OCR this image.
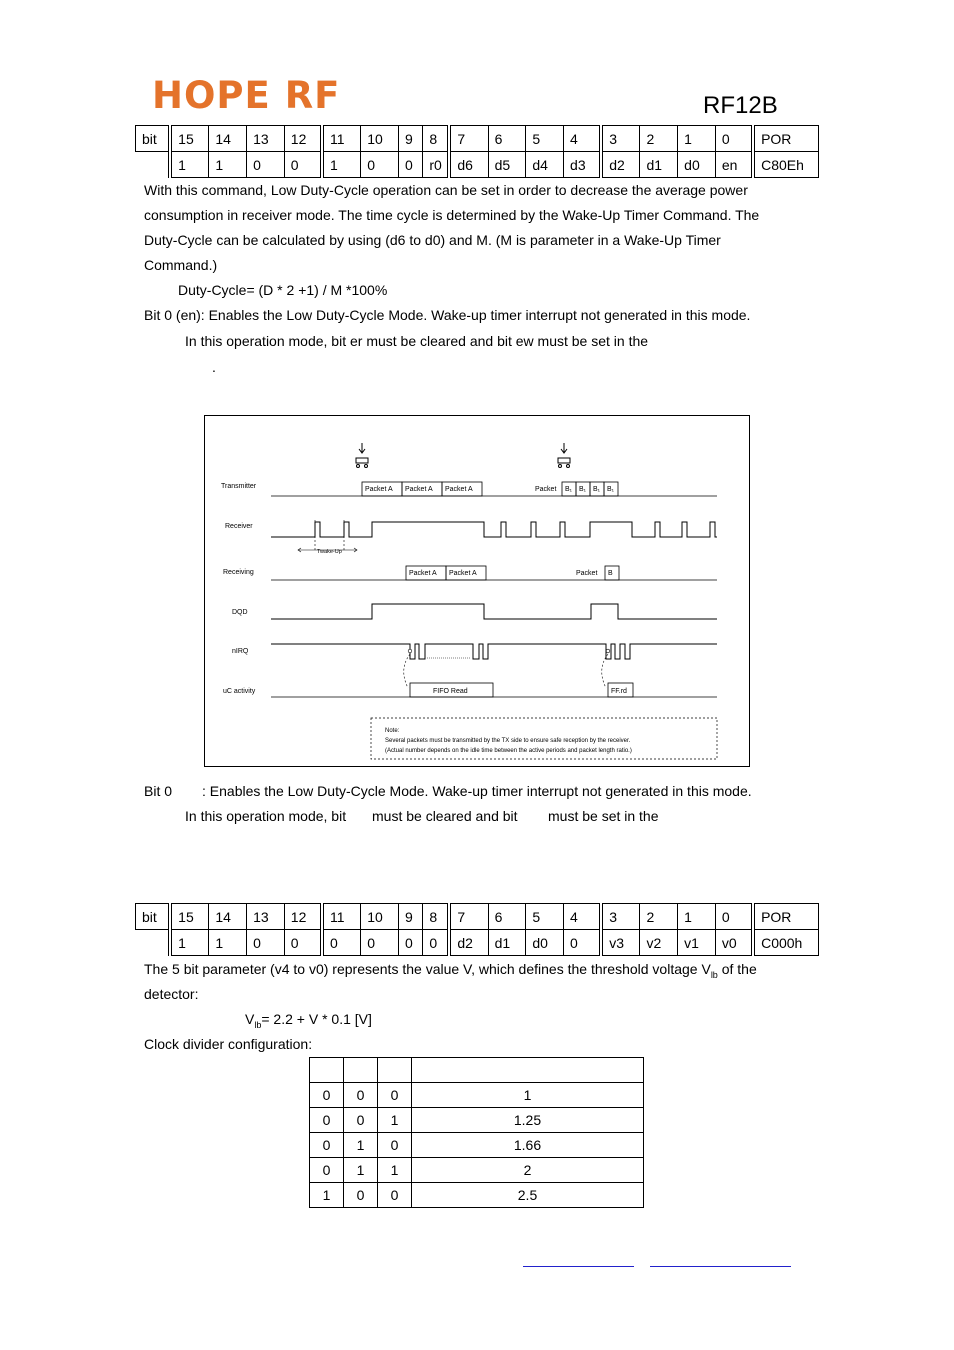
HOPE RF	RF12B
bit	15	14	13	12	11	10	9	8	7	6	5	4	3	2	1	0	POR
	1	1	0	0	1	0	0	r0	d6	d5	d4	d3	d2	d1	d0	en	C80Eh
With this command, Low Duty-Cycle operation can be set in order to decrease the average power
consumption in receiver mode. The time cycle is determined by the Wake-Up Timer Command. The
Duty-Cycle can be calculated by using (d6 to d0) and M. (M is parameter in a Wake-Up Timer
Command.)
Duty-Cycle= (D * 2 +1) / M *100%
Bit 0 (en): Enables the Low Duty-Cycle Mode. Wake-up timer interrupt not generated in this mode.
In this operation mode, bit er must be cleared and bit ew must be set in the
.
Transmitter
Receiver
Receiving
DQD
nIRQ
uC activity
Packet A Packet A Packet A	Packet B₁ B₁ B₁ B₁
Twake-Up
Packet A Packet A	Packet B
FIFO Read	FF.rd
Note:
Several packets must be transmitted by the TX side to ensure safe reception by the receiver.
(Actual number depends on the idle time between the active periods and packet length ratio.)
Bit 0 : Enables the Low Duty-Cycle Mode. Wake-up timer interrupt not generated in this mode.
In this operation mode, bit must be cleared and bit must be set in the
bit	15	14	13	12	11	10	9	8	7	6	5	4	3	2	1	0	POR
	1	1	0	0	0	0	0	0	d2	d1	d0	0	v3	v2	v1	v0	C000h
The 5 bit parameter (v4 to v0) represents the value V, which defines the threshold voltage $V_{lb}$ of the
detector:
$V_{lb}= 2.2 + V * 0.1$ [V]
Clock divider configuration:

0	0	0	1
0	0	1	1.25
0	1	0	1.66
0	1	1	2
1	0	0	2.5
